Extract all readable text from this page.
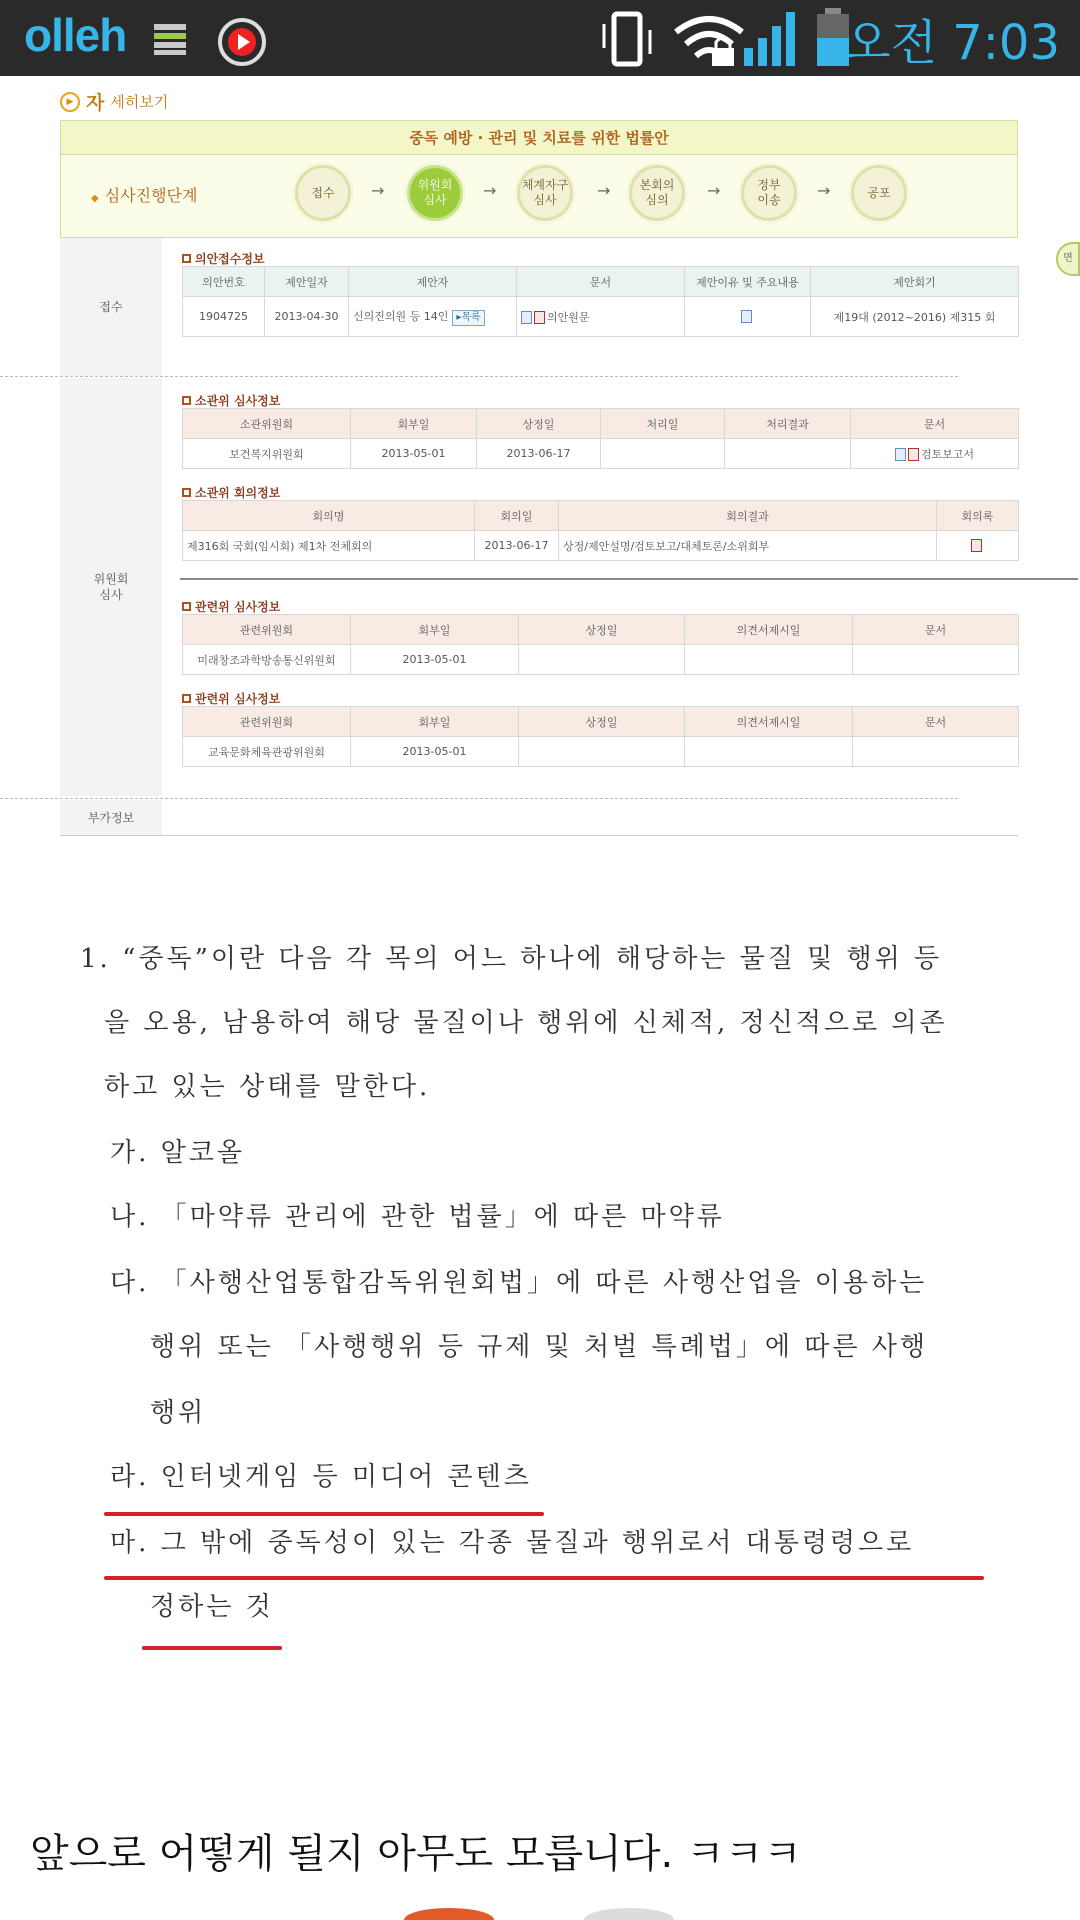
olleh	오전 7:03
▶ 자 세히보기
중독 예방 · 관리 및 치료를 위한 법률안
◆ 심사진행단계	접수 →	위원회
심사	→ 체계자구
심사	→ 본회의
심의	→	정부
이송 →	공포
면
접수
의안접수정보
의안번호	제안일자	제안자	문서	제안이유 및 주요내용	제안회기
1904725	2013-04-30	신의진의원 등 14인 ▸목록	의안원문		제19대 (2012~2016) 제315 회
위원회
심사
소관위 심사정보
소관위원회	회부일	상정일	처리일	처리결과	문서
보건복지위원회	2013-05-01	2013-06-17			검토보고서
소관위 회의정보
회의명	회의일	회의결과	회의록
제316회 국회(임시회) 제1차 전체회의	2013-06-17	상정/제안설명/검토보고/대체토론/소위회부	
관련위 심사정보
관련위원회	회부일	상정일	의견서제시일	문서
미래창조과학방송통신위원회	2013-05-01			
관련위 심사정보
관련위원회	회부일	상정일	의견서제시일	문서
교육문화체육관광위원회	2013-05-01			
부가정보

1. “중독”이란 다음 각 목의 어느 하나에 해당하는 물질 및 행위 등

을 오용, 남용하여 해당 물질이나 행위에 신체적, 정신적으로 의존

하고 있는 상태를 말한다.

가. 알코올

나. 「마약류 관리에 관한 법률」에 따른 마약류

다. 「사행산업통합감독위원회법」에 따른 사행산업을 이용하는

행위 또는 「사행행위 등 규제 및 처벌 특례법」에 따른 사행

행위

라. 인터넷게임 등 미디어 콘텐츠

마. 그 밖에 중독성이 있는 각종 물질과 행위로서 대통령령으로

정하는 것

앞으로 어떻게 될지 아무도 모릅니다. ㅋㅋㅋ
